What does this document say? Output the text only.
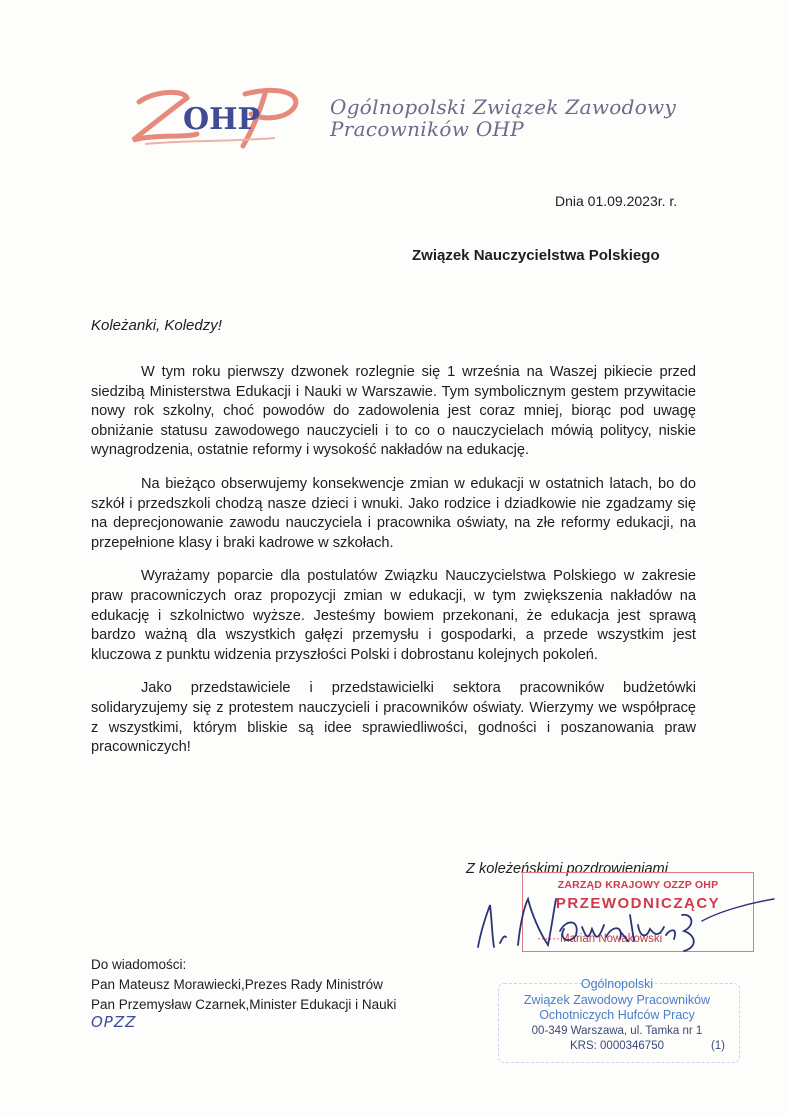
OHP	Ogólnopolski Związek Zawodowy
Pracowników OHP
Dnia 01.09.2023r. r.
Związek Nauczycielstwa Polskiego
Koleżanki, Koledzy!

W tym roku pierwszy dzwonek rozlegnie się 1 września na Waszej pikiecie przed siedzibą Ministerstwa Edukacji i Nauki w Warszawie. Tym symbolicznym gestem przywitacie nowy rok szkolny, choć powodów do zadowolenia jest coraz mniej, biorąc pod uwagę obniżanie statusu zawodowego nauczycieli i to co o nauczycielach mówią politycy, niskie wynagrodzenia, ostatnie reformy i wysokość nakładów na edukację.

Na bieżąco obserwujemy konsekwencje zmian w edukacji w ostatnich latach, bo do szkół i przedszkoli chodzą nasze dzieci i wnuki. Jako rodzice i dziadkowie nie zgadzamy się na deprecjonowanie zawodu nauczyciela i pracownika oświaty, na złe reformy edukacji, na przepełnione klasy i braki kadrowe w szkołach.

Wyrażamy poparcie dla postulatów Związku Nauczycielstwa Polskiego w zakresie praw pracowniczych oraz propozycji zmian w edukacji, w tym zwiększenia nakładów na edukację i szkolnictwo wyższe. Jesteśmy bowiem przekonani, że edukacja jest sprawą bardzo ważną dla wszystkich gałęzi przemysłu i gospodarki, a przede wszystkim jest kluczowa z punktu widzenia przyszłości Polski i dobrostanu kolejnych pokoleń.

Jako przedstawiciele i przedstawicielki sektora pracowników budżetówki solidaryzujemy się z protestem nauczycieli i pracowników oświaty. Wierzymy we współpracę z wszystkimi, którym bliskie są idee sprawiedliwości, godności i poszanowania praw pracowniczych!

Z koleżeńskimi pozdrowieniami
ZARZĄD KRAJOWY OZZP OHP
PRZEWODNICZĄCY
······Marian Nowakowski
Do wiadomości:
Pan Mateusz Morawiecki,Prezes Rady Ministrów
Pan Przemysław Czarnek,Minister Edukacji i Nauki
OPZZ
Ogólnopolski
Związek Zawodowy Pracowników
Ochotniczych Hufców Pracy
00-349 Warszawa, ul. Tamka nr 1
KRS: 0000346750	(1)
